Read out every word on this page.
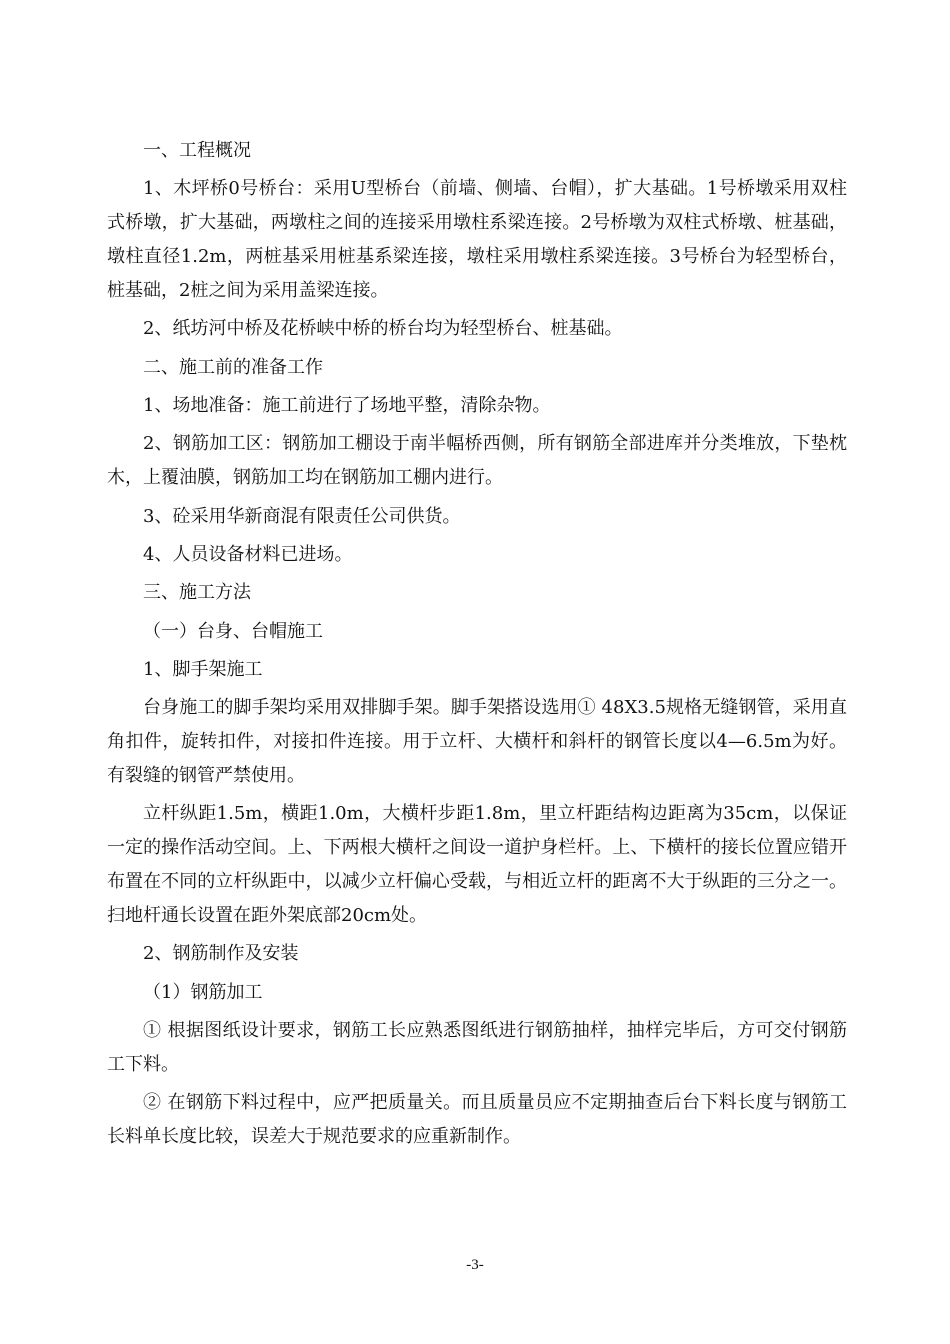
一、工程概况

1、木坪桥0号桥台：采用U型桥台（前墙、侧墙、台帽），扩大基础。1号桥墩采用双柱式桥墩，扩大基础，两墩柱之间的连接采用墩柱系梁连接。2号桥墩为双柱式桥墩、桩基础，墩柱直径1.2m，两桩基采用桩基系梁连接，墩柱采用墩柱系梁连接。3号桥台为轻型桥台，桩基础，2桩之间为采用盖梁连接。

2、纸坊河中桥及花桥峡中桥的桥台均为轻型桥台、桩基础。

二、施工前的准备工作

1、场地准备：施工前进行了场地平整，清除杂物。

2、钢筋加工区：钢筋加工棚设于南半幅桥西侧，所有钢筋全部进库并分类堆放，下垫枕木，上覆油膜，钢筋加工均在钢筋加工棚内进行。

3、砼采用华新商混有限责任公司供货。

4、人员设备材料已进场。

三、施工方法

（一）台身、台帽施工

1、脚手架施工

台身施工的脚手架均采用双排脚手架。脚手架搭设选用① 48X3.5规格无缝钢管，采用直角扣件，旋转扣件，对接扣件连接。用于立杆、大横杆和斜杆的钢管长度以4—6.5m为好。有裂缝的钢管严禁使用。

立杆纵距1.5m，横距1.0m，大横杆步距1.8m，里立杆距结构边距离为35cm，以保证一定的操作活动空间。上、下两根大横杆之间设一道护身栏杆。上、下横杆的接长位置应错开布置在不同的立杆纵距中，以减少立杆偏心受载，与相近立杆的距离不大于纵距的三分之一。扫地杆通长设置在距外架底部20cm处。

2、钢筋制作及安装

（1）钢筋加工

① 根据图纸设计要求，钢筋工长应熟悉图纸进行钢筋抽样，抽样完毕后，方可交付钢筋工下料。

② 在钢筋下料过程中，应严把质量关。而且质量员应不定期抽查后台下料长度与钢筋工长料单长度比较，误差大于规范要求的应重新制作。

-3-
